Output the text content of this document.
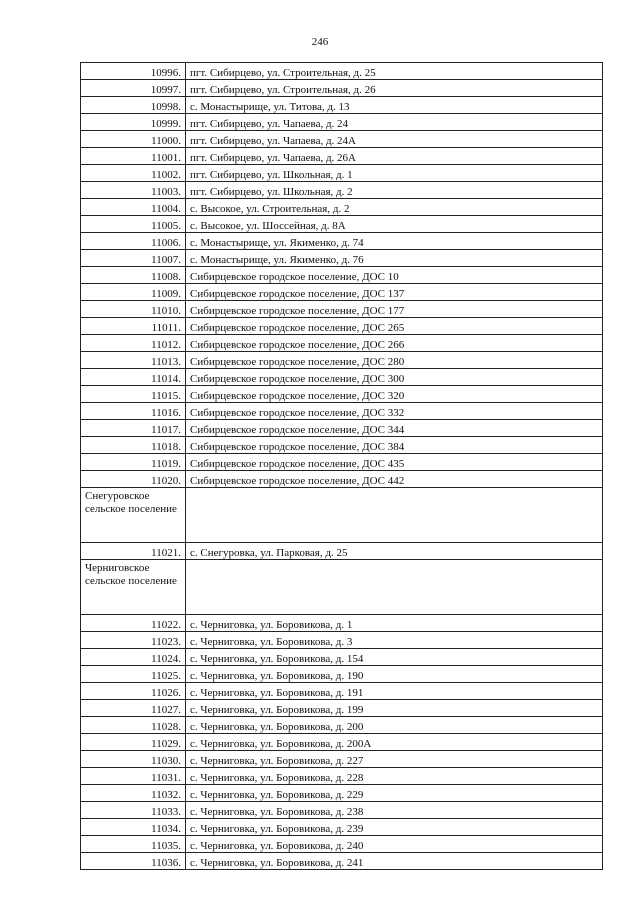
246
10996.	пгт. Сибирцево, ул. Строительная, д. 25
10997.	пгт. Сибирцево, ул. Строительная, д. 26
10998.	с. Монастырище, ул. Титова, д. 13
10999.	пгт. Сибирцево, ул. Чапаева, д. 24
11000.	пгт. Сибирцево, ул. Чапаева, д. 24А
11001.	пгт. Сибирцево, ул. Чапаева, д. 26А
11002.	пгт. Сибирцево, ул. Школьная, д. 1
11003.	пгт. Сибирцево, ул. Школьная, д. 2
11004.	с. Высокое, ул. Строительная, д. 2
11005.	с. Высокое, ул. Шоссейная, д. 8А
11006.	с. Монастырище, ул. Якименко, д. 74
11007.	с. Монастырище, ул. Якименко, д. 76
11008.	Сибирцевское городское поселение, ДОС 10
11009.	Сибирцевское городское поселение, ДОС 137
11010.	Сибирцевское городское поселение, ДОС 177
11011.	Сибирцевское городское поселение, ДОС 265
11012.	Сибирцевское городское поселение, ДОС 266
11013.	Сибирцевское городское поселение, ДОС 280
11014.	Сибирцевское городское поселение, ДОС 300
11015.	Сибирцевское городское поселение, ДОС 320
11016.	Сибирцевское городское поселение, ДОС 332
11017.	Сибирцевское городское поселение, ДОС 344
11018.	Сибирцевское городское поселение, ДОС 384
11019.	Сибирцевское городское поселение, ДОС 435
11020.	Сибирцевское городское поселение, ДОС 442
Снегуровское сельское поселение	
11021.	с. Снегуровка, ул. Парковая, д. 25
Черниговское сельское поселение	
11022.	с. Черниговка, ул. Боровикова, д. 1
11023.	с. Черниговка, ул. Боровикова, д. 3
11024.	с. Черниговка, ул. Боровикова, д. 154
11025.	с. Черниговка, ул. Боровикова, д. 190
11026.	с. Черниговка, ул. Боровикова, д. 191
11027.	с. Черниговка, ул. Боровикова, д. 199
11028.	с. Черниговка, ул. Боровикова, д. 200
11029.	с. Черниговка, ул. Боровикова, д. 200А
11030.	с. Черниговка, ул. Боровикова, д. 227
11031.	с. Черниговка, ул. Боровикова, д. 228
11032.	с. Черниговка, ул. Боровикова, д. 229
11033.	с. Черниговка, ул. Боровикова, д. 238
11034.	с. Черниговка, ул. Боровикова, д. 239
11035.	с. Черниговка, ул. Боровикова, д. 240
11036.	с. Черниговка, ул. Боровикова, д. 241
